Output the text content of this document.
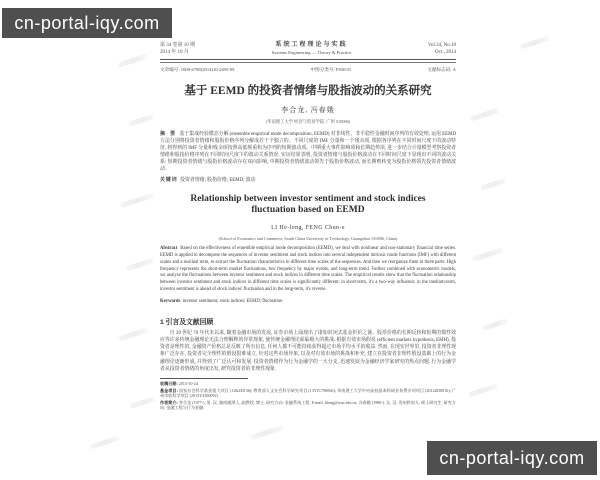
第 34 卷第 10 期
2014 年 10 月
系统工程理论与实践
Systems Engineering — Theory & Practice
Vol.34, No.10
Oct., 2014
文章编号: 1000-6788(2014)10-2495-09	中图分类号: F830.91	文献标志码: A
基于 EEMD 的投资者情绪与股指波动的关系研究
李合龙, 冯春娥
(华南理工大学 经济与贸易学院, 广州 510006)

摘 要 基于集成经验模态分解 (ensemble empirical mode decomposition, EEMD) 对非线性、非平稳性金融时间序列的有效处理, 运用 EEMD 方法分别将投资者情绪和股指价格序列分解成若干个独立的、不同尺度的 IMF 分量和一个残余项, 根据各序列在不同时间尺度下的波动特征, 将得到的 IMF 分量和残余项按照高低频重构为序列的短期波动项、中期重大事件影响项和长期趋势项, 进一步结合计量模型考察投资者情绪和股指价格序列在不同时间尺度下的波动关系情况. 实证结果表明, 投资者情绪与股指价格波动在不同时间尺度下显现出不同的波动关系: 短期投资者情绪与股指价格波动存在双向影响, 中期投资者情绪波动领先于股指价格波动, 而长期则转变为股指价格领先投资者情绪波动.

关键词 投资者情绪; 股指价格; EEMD; 波动

Relationship between investor sentiment and stock indices fluctuation based on EEMD
LI He-long, FENG Chun-e
(School of Economics and Commerce, South China University of Technology, Guangzhou 510006, China)

Abstract Based on the effectiveness of ensemble empirical mode decomposition (EEMD), we deal with nonlinear and non-stationary financial time series. EEMD is applied to decompose the sequences of investor sentiment and stock indices into several independent intrinsic mode functions (IMF) with different scales and a residual term, to extract the fluctuation characteristics in different time scales of the sequences. And then we reorganize them to three parts: High frequency represents the short-term market fluctuations, low frequency by major events, and long-term trend. Further combined with econometric models, we analyse the fluctuations between investor sentiment and stock indices in different time scales. The empirical results show that the fluctuation relationship between investor sentiment and stock indices in different time scales is significantly different: in short-term, it's a two-way influence; in the medium-term, investor sentiment is ahead of stock indices' fluctuation and in the long-term, it's reverse.

Keywords investor sentiment; stock indices; EEMD; fluctuation

1 引言及文献回顾

自 20 世纪 70 年代末以来, 随着金融市场的发展, 证券市场上涌现出了诸如封闭式基金折价之谜、股票价格的长期反转和短期的惯性效应等许多传统金融理论无法合理解释的异常现象, 使传统金融理论面临极大的挑战. 根据有效市场假说 (efficient markets hypothesis, EMH), 投资者是理性的, 金融资产价格总是反映了所有信息, 任何人都不可能持续获得超过市场平均水平的收益. 然而, 在现实世界里, 投资者非理性现象广泛存在, 投资者完全理性的假设很难成立, 针对这些市场异象, 以及对有效市场的挑战和补充, 建立在投资者非理性假设基础上的行为金融理论逐渐形成, 并得到了广泛认可和发展. 投资者情绪作为行为金融学的一大分支, 迅速发展为金融经济学家研究的热点问题. 行为金融学者从投资者情绪的角度出发, 研究投资者的非理性现象.

收稿日期: 2013-10-24

基金项目: 国家社会科学基金重大项目 (11&ZD156); 教育部人文社会科学研究项目 (13YJC790060); 华南理工大学中央高校基本科研业务费专项项目 (2012ZD0016); 广州市软科学项目 (2013Y4300092)

作者简介: 李合龙 (1977-), 男, 汉, 湖南湘潭人, 副教授, 博士, 研究方向: 金融系统工程, E-mail: hlong@scut.edu.cn; 冯春娥 (1989-), 女, 汉, 贵州黔南人, 硕士研究生, 研究方向: 金融工程与行为金融.

cn-portal-iqy.com
cn-portal-iqy.com
